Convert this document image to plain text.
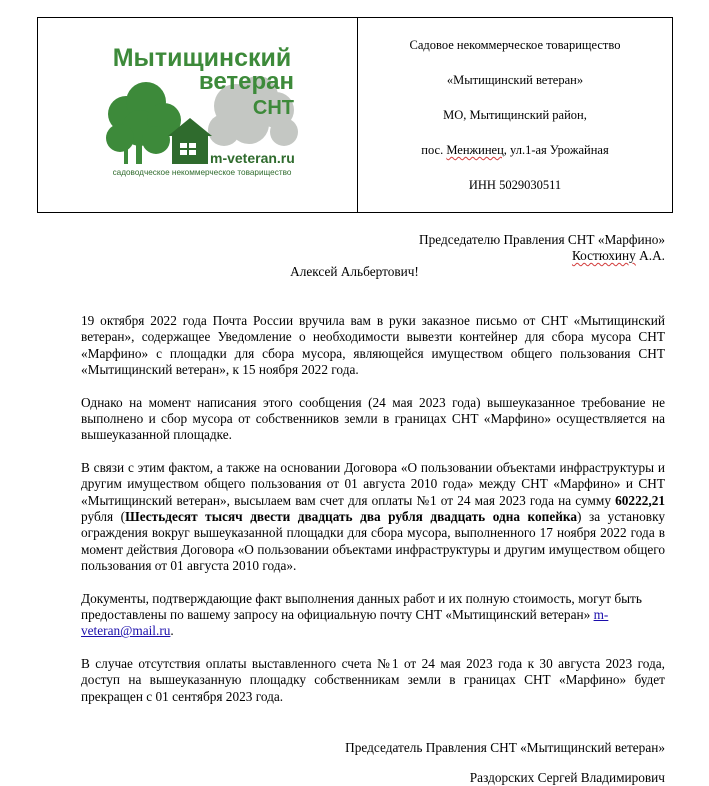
Мытищинский
ветеран
СНТ
m-veteran.ru
садоводческое некоммерческое товарищество
Садовое некоммерческое товарищество
«Мытищинский ветеран»
МО, Мытищинский район,
пос.
Менжинец , ул.1-ая Урожайная
ИНН 5029030511
Председателю Правления СНТ «Марфино»
Костюхину А.А.
Алексей Альбертович!

19 октября 2022 года Почта России вручила вам в руки заказное письмо от СНТ «Мытищинский ветеран», содержащее Уведомление о необходимости вывезти контейнер для сбора мусора СНТ «Марфино» с площадки для сбора мусора, являющейся имуществом общего пользования СНТ «Мытищинский ветеран», к 15 ноября 2022 года.

Однако на момент написания этого сообщения (24 мая 2023 года) вышеуказанное требование не выполнено и сбор мусора от собственников земли в границах СНТ «Марфино» осуществляется на вышеуказанной площадке.

В связи с этим фактом, а также на основании Договора «О пользовании объектами инфраструктуры и другим имуществом общего пользования от 01 августа 2010 года» между СНТ «Марфино» и СНТ «Мытищинский ветеран», высылаем вам счет для оплаты №1 от 24 мая 2023 года на сумму 60222,21 рубля (Шестьдесят тысяч двести двадцать два рубля двадцать одна копейка) за установку ограждения вокруг вышеуказанной площадки для сбора мусора, выполненного 17 ноября 2022 года в момент действия Договора «О пользовании объектами инфраструктуры и другим имуществом общего пользования от 01 августа 2010 года».

Документы, подтверждающие факт выполнения данных работ и их полную стоимость, могут быть предоставлены по вашему запросу на официальную почту СНТ «Мытищинский ветеран» m-veteran@mail.ru.

В случае отсутствия оплаты выставленного счета №1 от 24 мая 2023 года к 30 августа 2023 года, доступ на вышеуказанную площадку собственникам земли в границах СНТ «Марфино» будет прекращен с 01 сентября 2023 года.

Председатель Правления СНТ «Мытищинский ветеран»
Раздорских Сергей Владимирович
